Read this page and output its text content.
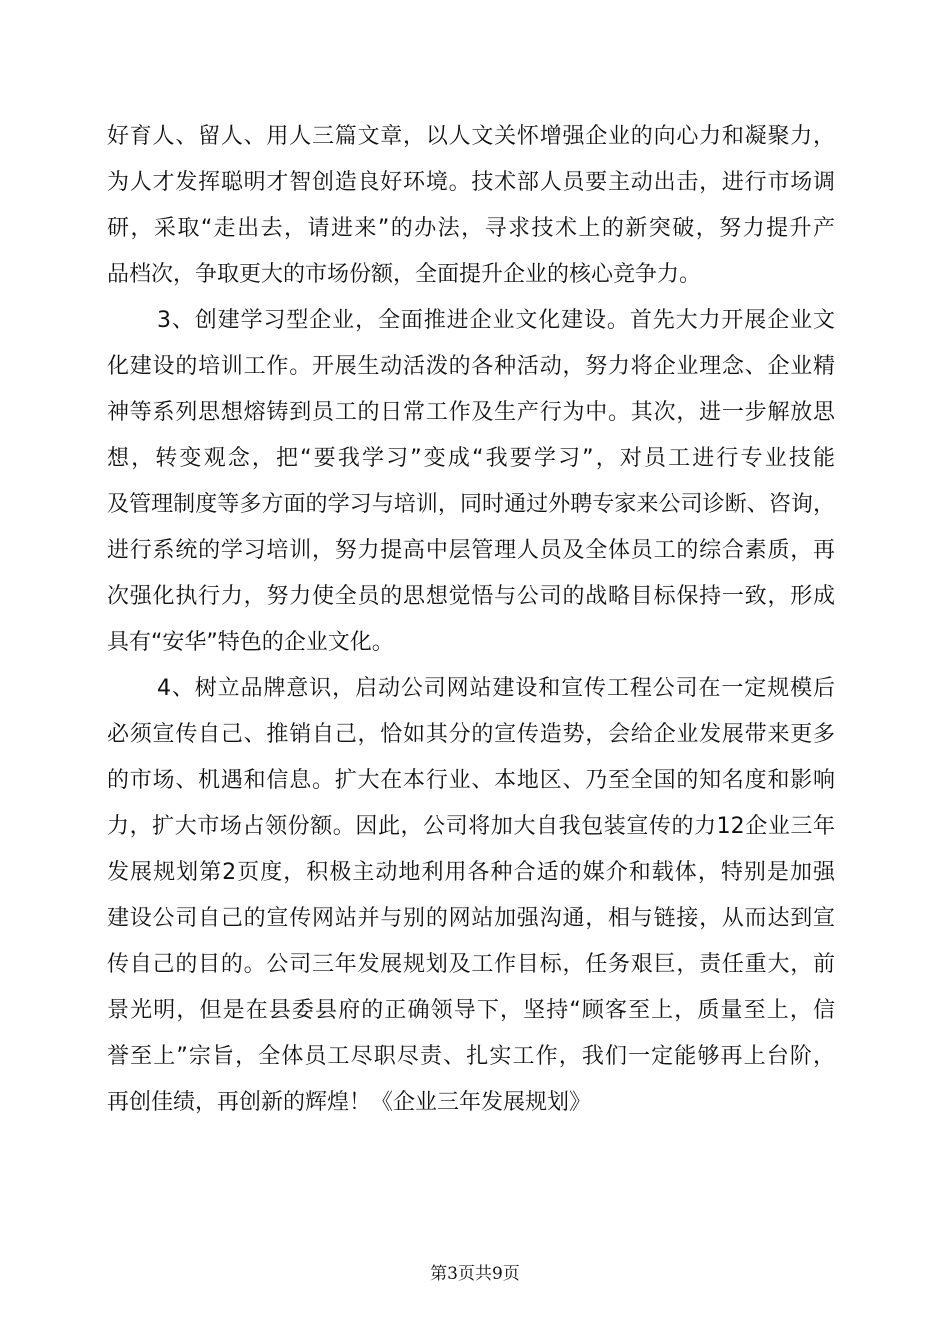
好育人、留人、用人三篇文章，以人文关怀增强企业的向心力和凝聚力，
为人才发挥聪明才智创造良好环境。技术部人员要主动出击，进行市场调
研，采取“走出去，请进来”的办法，寻求技术上的新突破，努力提升产
品档次，争取更大的市场份额，全面提升企业的核心竞争力。
3、创建学习型企业，全面推进企业文化建设。首先大力开展企业文
化建设的培训工作。开展生动活泼的各种活动，努力将企业理念、企业精
神等系列思想熔铸到员工的日常工作及生产行为中。其次，进一步解放思
想，转变观念，把“要我学习”变成“我要学习”，对员工进行专业技能
及管理制度等多方面的学习与培训，同时通过外聘专家来公司诊断、咨询，
进行系统的学习培训，努力提高中层管理人员及全体员工的综合素质，再
次强化执行力，努力使全员的思想觉悟与公司的战略目标保持一致，形成
具有“安华”特色的企业文化。
4、树立品牌意识，启动公司网站建设和宣传工程公司在一定规模后
必须宣传自己、推销自己，恰如其分的宣传造势，会给企业发展带来更多
的市场、机遇和信息。扩大在本行业、本地区、乃至全国的知名度和影响
力，扩大市场占领份额。因此，公司将加大自我包装宣传的力12企业三年
发展规划第2页度，积极主动地利用各种合适的媒介和载体，特别是加强
建设公司自己的宣传网站并与别的网站加强沟通，相与链接，从而达到宣
传自己的目的。公司三年发展规划及工作目标，任务艰巨，责任重大，前
景光明，但是在县委县府的正确领导下，坚持“顾客至上，质量至上，信
誉至上”宗旨，全体员工尽职尽责、扎实工作，我们一定能够再上台阶，
再创佳绩，再创新的辉煌！《企业三年发展规划》
第3页共9页
